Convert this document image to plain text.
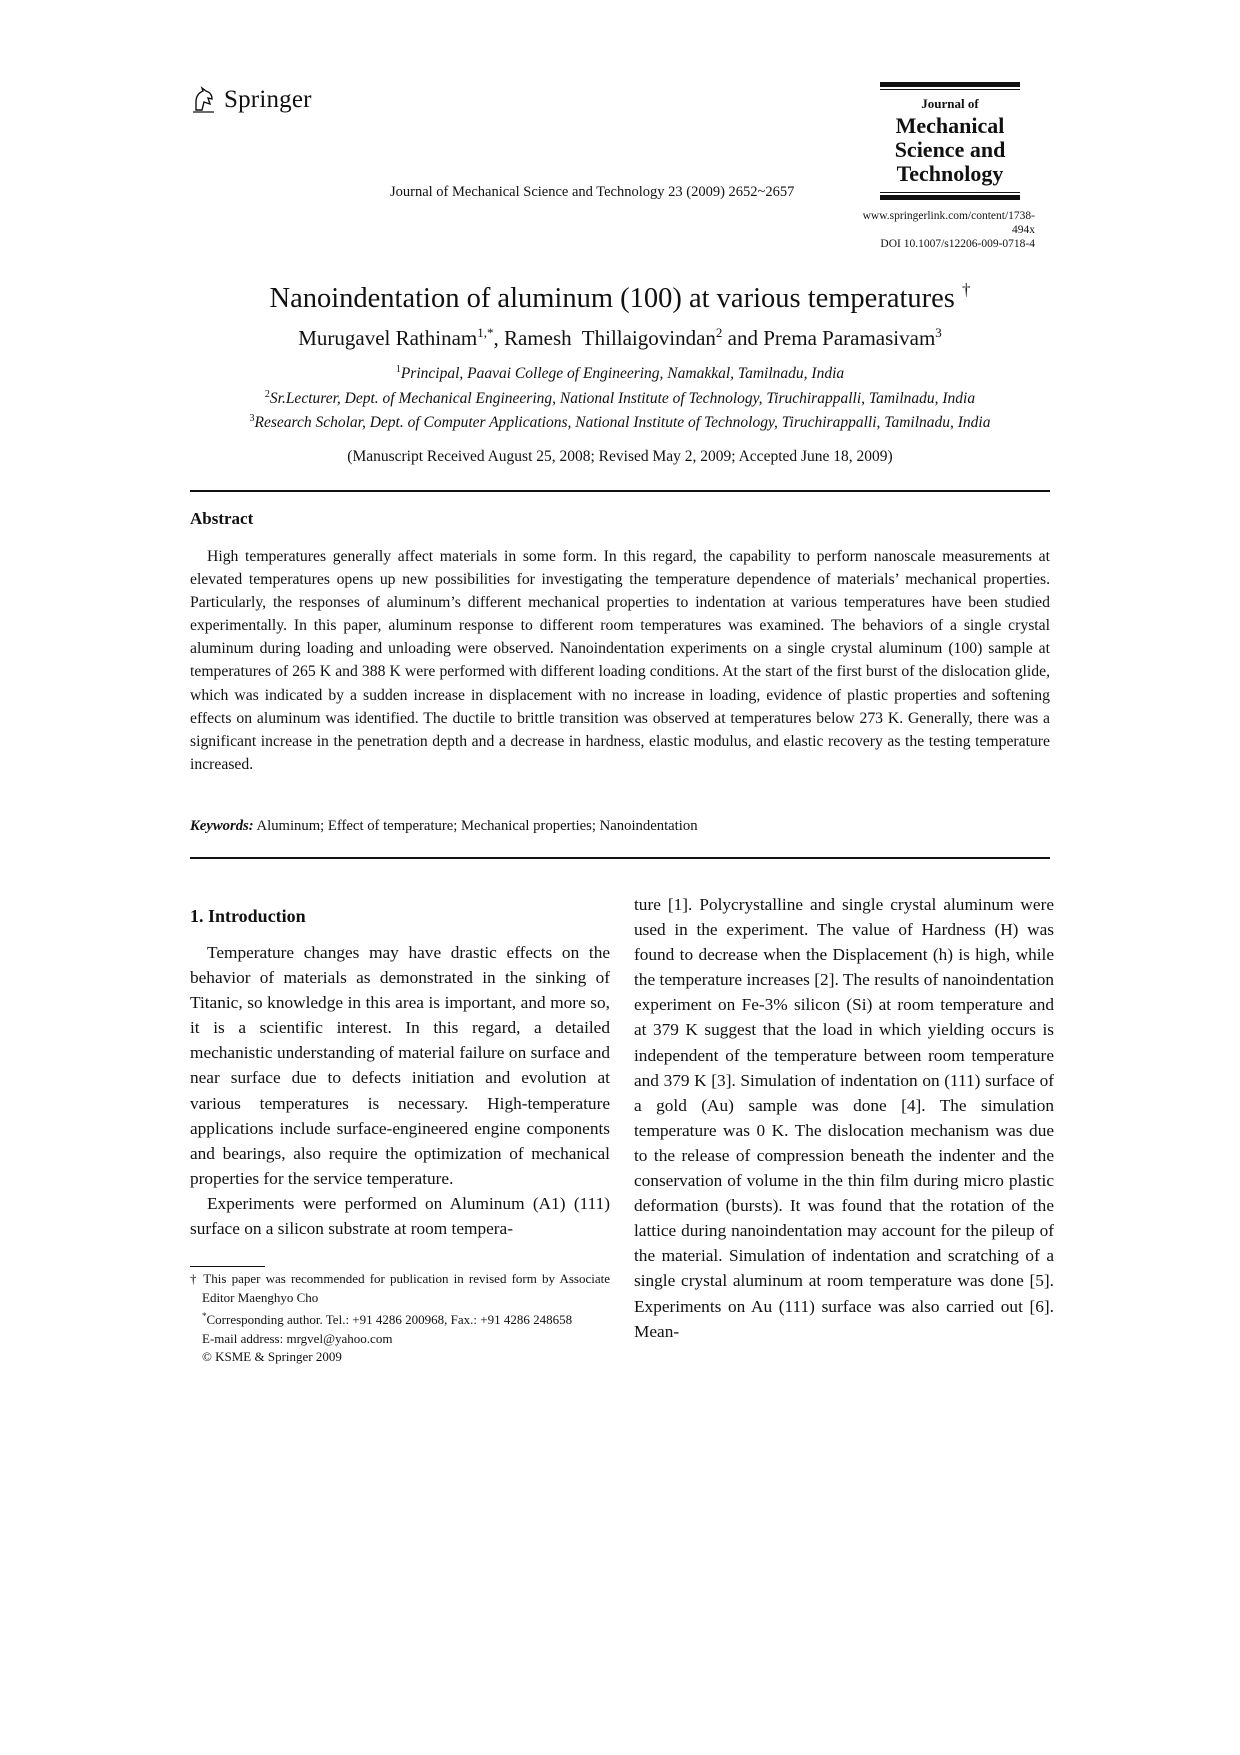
Springer	Journal of
Mechanical
Science and
Technology
Journal of Mechanical Science and Technology 23 (2009) 2652~2657
www.springerlink.com/content/1738-494x
DOI 10.1007/s12206-009-0718-4
Nanoindentation of aluminum (100) at various temperatures †
Murugavel Rathinam$^{1,*}$, Ramesh  Thillaigovindan$^2$ and Prema Paramasivam$^3$
$^1$Principal, Paavai College of Engineering, Namakkal, Tamilnadu, India
$^2$Sr.Lecturer, Dept. of Mechanical Engineering, National Institute of Technology, Tiruchirappalli, Tamilnadu, India
$^3$Research Scholar, Dept. of Computer Applications, National Institute of Technology, Tiruchirappalli, Tamilnadu, India
(Manuscript Received August 25, 2008; Revised May 2, 2009; Accepted June 18, 2009)
Abstract
High temperatures generally affect materials in some form. In this regard, the capability to perform nanoscale measurements at elevated temperatures opens up new possibilities for investigating the temperature dependence of materials’ mechanical properties. Particularly, the responses of aluminum’s different mechanical properties to indentation at various temperatures have been studied experimentally. In this paper, aluminum response to different room temperatures was examined. The behaviors of a single crystal aluminum during loading and unloading were observed. Nanoindentation experiments on a single crystal aluminum (100) sample at temperatures of 265 K and 388 K were performed with different loading conditions. At the start of the first burst of the dislocation glide, which was indicated by a sudden increase in displacement with no increase in loading, evidence of plastic properties and softening effects on aluminum was identified. The ductile to brittle transition was observed at temperatures below 273 K. Generally, there was a significant increase in the penetration depth and a decrease in hardness, elastic modulus, and elastic recovery as the testing temperature increased.
Keywords: Aluminum; Effect of temperature; Mechanical properties; Nanoindentation
1. Introduction

Temperature changes may have drastic effects on the behavior of materials as demonstrated in the sinking of Titanic, so knowledge in this area is important, and more so, it is a scientific interest. In this regard, a detailed mechanistic understanding of material failure on surface and near surface due to defects initiation and evolution at various temperatures is necessary. High-temperature applications include surface-engineered engine components and bearings, also require the optimization of mechanical properties for the service temperature.

Experiments were performed on Aluminum (A1) (111) surface on a silicon substrate at room tempera-

ture [1]. Polycrystalline and single crystal aluminum were used in the experiment. The value of Hardness (H) was found to decrease when the Displacement (h) is high, while the temperature increases [2]. The results of nanoindentation experiment on Fe-3% silicon (Si) at room temperature and at 379 K suggest that the load in which yielding occurs is independent of the temperature between room temperature and 379 K [3]. Simulation of indentation on (111) surface of a gold (Au) sample was done [4]. The simulation temperature was 0 K. The dislocation mechanism was due to the release of compression beneath the indenter and the conservation of volume in the thin film during micro plastic deformation (bursts). It was found that the rotation of the lattice during nanoindentation may account for the pileup of the material. Simulation of indentation and scratching of a single crystal aluminum at room temperature was done [5]. Experiments on Au (111) surface was also carried out [6]. Mean-

† This paper was recommended for publication in revised form by Associate Editor Maenghyo Cho
*Corresponding author. Tel.: +91 4286 200968, Fax.: +91 4286 248658
E-mail address: mrgvel@yahoo.com
© KSME & Springer 2009
